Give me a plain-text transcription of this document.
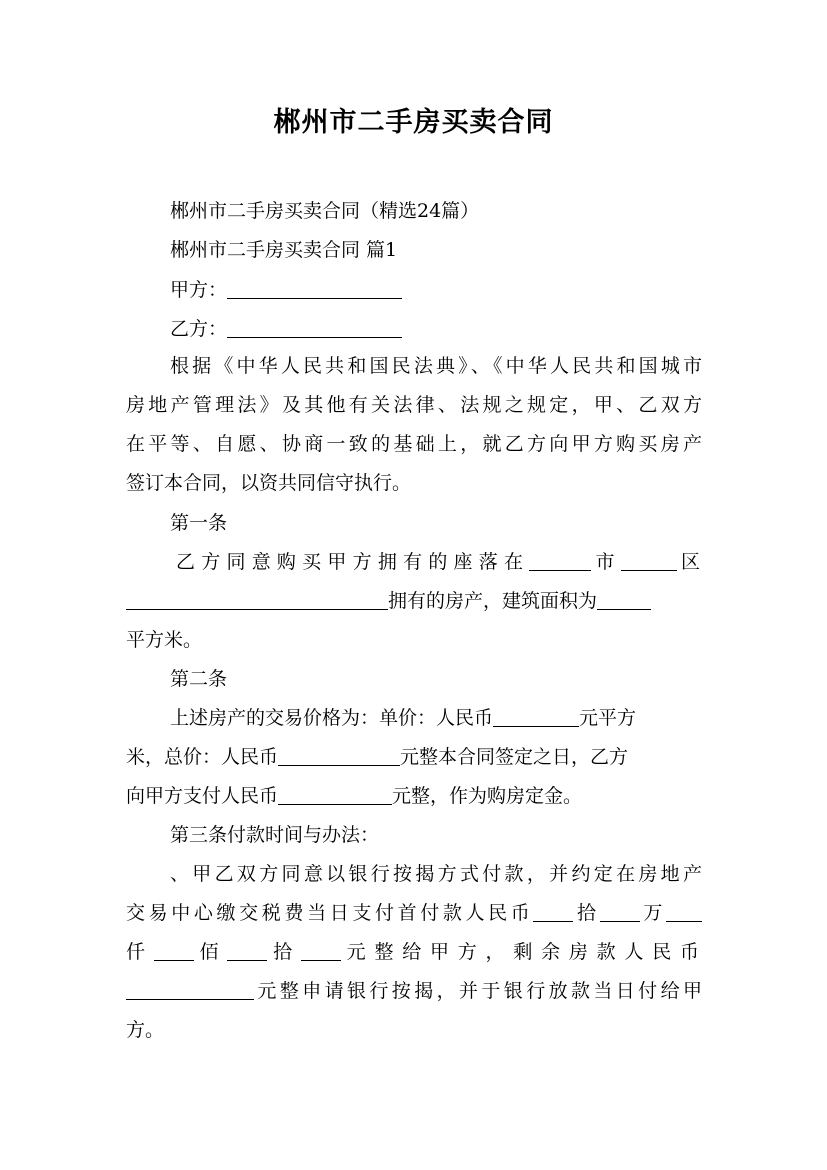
郴州市二手房买卖合同
郴州市二手房买卖合同（精选24篇）
郴州市二手房买卖合同 篇1
甲方：
乙方：
根据《中华人民共和国民法典》、《中华人民共和国城市
房地产管理法》及其他有关法律、法规之规定，甲、乙双方
在平等、自愿、协商一致的基础上，就乙方向甲方购买房产
签订本合同，以资共同信守执行。
第一条
乙方同意购买甲方拥有的座落在	市	区
拥有的房产，建筑面积为
平方米。
第二条
上述房产的交易价格为：单价：人民币	元平方
米，总价：人民币	元整本合同签定之日，乙方
向甲方支付人民币	元整，作为购房定金。
第三条付款时间与办法：
、甲乙双方同意以银行按揭方式付款，并约定在房地产
交易中心缴交税费当日支付首付款人民币 拾 万
仟 佰 拾 元整给甲方，剩余房款人民币
元整申请银行按揭，并于银行放款当日付给甲
方。
